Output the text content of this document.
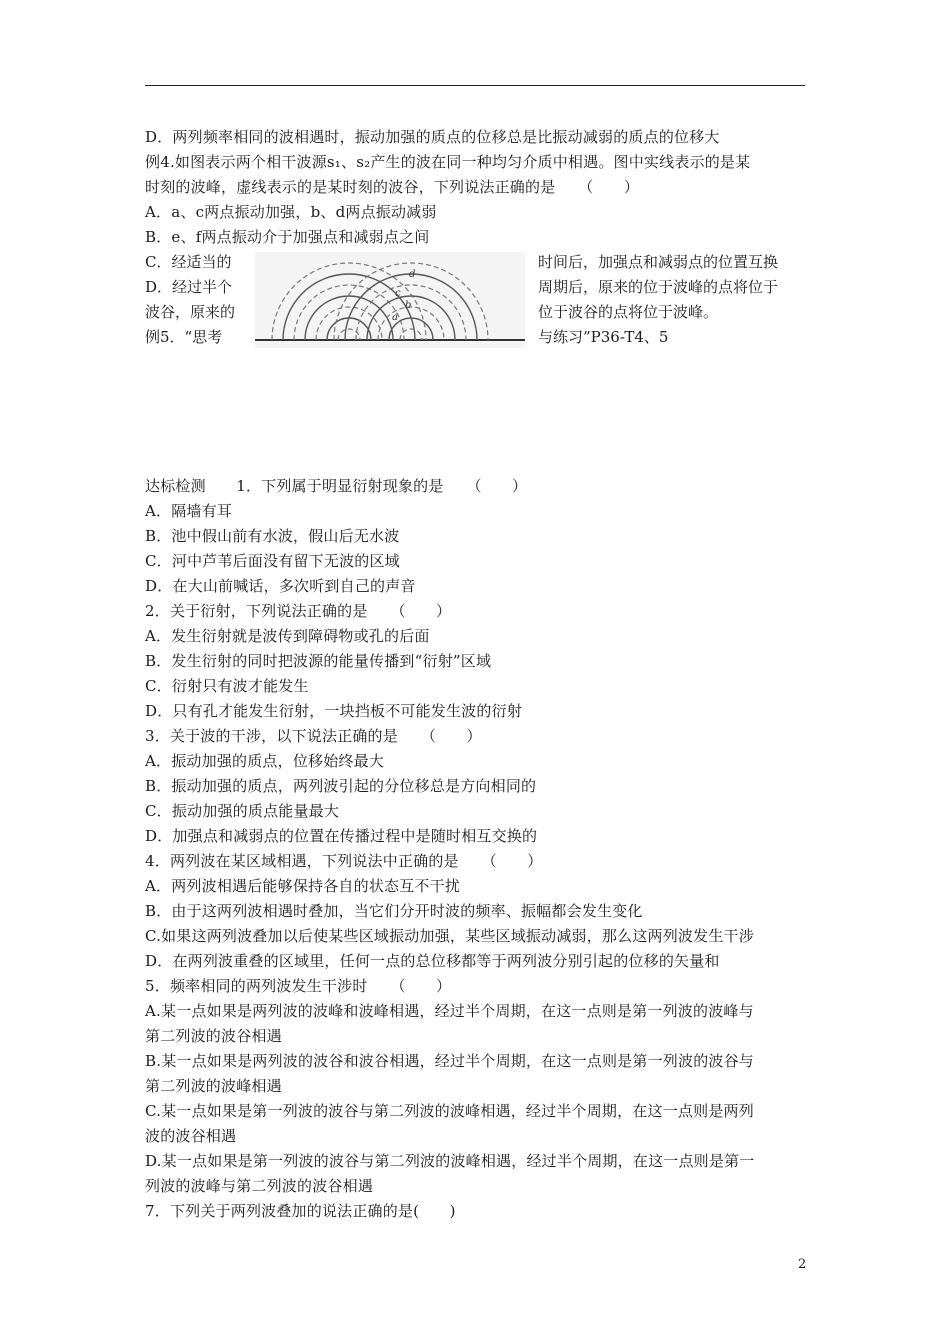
D．两列频率相同的波相遇时，振动加强的质点的位移总是比振动减弱的质点的位移大
例4.如图表示两个相干波源s₁、s₂产生的波在同一种均匀介质中相遇。图中实线表示的是某
时刻的波峰，虚线表示的是某时刻的波谷，下列说法正确的是　　（　　）
A．a、c两点振动加强，b、d两点振动减弱
B．e、f两点振动介于加强点和减弱点之间
C．经适当的	时间后，加强点和减弱点的位置互换
D．经过半个	周期后，原来的位于波峰的点将位于
波谷，原来的	位于波谷的点将位于波峰。
例5．“思考	与练习”P36-T4、5
d
c
b
a
达标检测　　1．下列属于明显衍射现象的是　　（　　）
A．隔墙有耳
B．池中假山前有水波，假山后无水波
C．河中芦苇后面没有留下无波的区域
D．在大山前喊话，多次听到自己的声音
2．关于衍射，下列说法正确的是　　（　　）
A．发生衍射就是波传到障碍物或孔的后面
B．发生衍射的同时把波源的能量传播到“衍射”区域
C．衍射只有波才能发生
D．只有孔才能发生衍射，一块挡板不可能发生波的衍射
3．关于波的干涉，以下说法正确的是　　（　　）
A．振动加强的质点，位移始终最大
B．振动加强的质点，两列波引起的分位移总是方向相同的
C．振动加强的质点能量最大
D．加强点和减弱点的位置在传播过程中是随时相互交换的
4．两列波在某区域相遇，下列说法中正确的是　　（　　）
A．两列波相遇后能够保持各自的状态互不干扰
B．由于这两列波相遇时叠加，当它们分开时波的频率、振幅都会发生变化
C.如果这两列波叠加以后使某些区域振动加强，某些区域振动减弱，那么这两列波发生干涉
D．在两列波重叠的区域里，任何一点的总位移都等于两列波分别引起的位移的矢量和
5．频率相同的两列波发生干涉时　　（　　）
A.某一点如果是两列波的波峰和波峰相遇，经过半个周期，在这一点则是第一列波的波峰与
第二列波的波谷相遇
B.某一点如果是两列波的波谷和波谷相遇，经过半个周期，在这一点则是第一列波的波谷与
第二列波的波峰相遇
C.某一点如果是第一列波的波谷与第二列波的波峰相遇，经过半个周期，在这一点则是两列
波的波谷相遇
D.某一点如果是第一列波的波谷与第二列波的波峰相遇，经过半个周期，在这一点则是第一
列波的波峰与第二列波的波谷相遇
7．下列关于两列波叠加的说法正确的是(　　)
2
